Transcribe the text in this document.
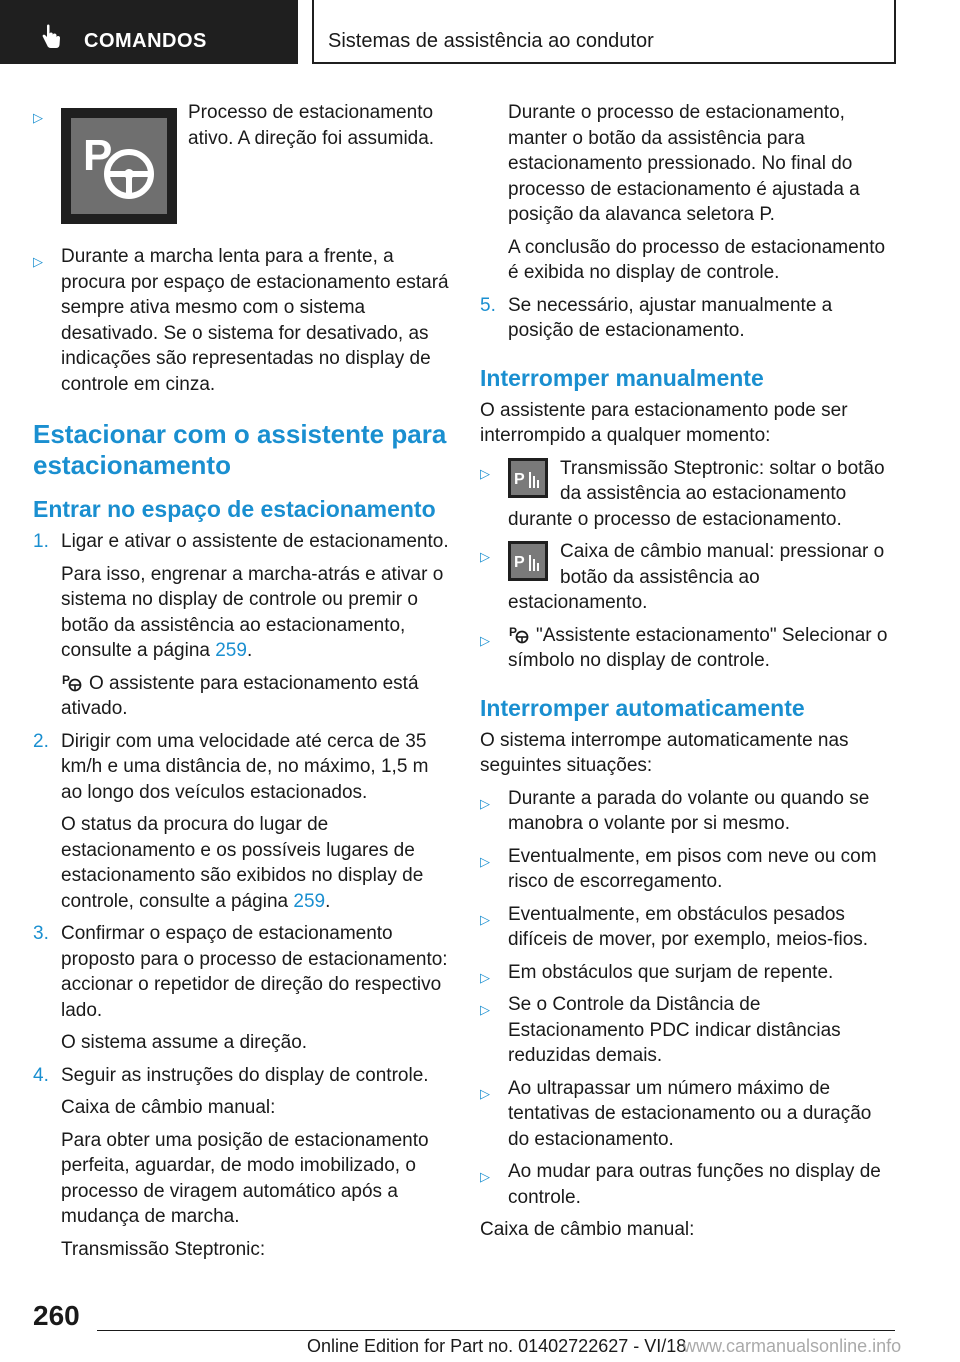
COMANDOS	Sistemas de assistência ao condutor
▷
P
Processo de estacionamento ativo. A direção foi assumida.
▷ Durante a marcha lenta para a frente, a procura por espaço de estacionamento estará sempre ativa mesmo com o sistema desativado. Se o sistema for desativado, as indicações são representadas no display de controle em cinza.
Estacionar com o assistente para estacionamento
Entrar no espaço de estacionamento
1. Ligar e ativar o assistente de estacionamento.
Para isso, engrenar a marcha-atrás e ativar o sistema no display de controle ou premir o botão da assistência ao estacionamento, consulte a página 259.
P O assistente para estacionamento está ativado.
2. Dirigir com uma velocidade até cerca de 35 km/h e uma distância de, no máximo, 1,5 m ao longo dos veículos estacionados.
O status da procura do lugar de estacionamento e os possíveis lugares de estacionamento são exibidos no display de controle, consulte a página 259.
3. Confirmar o espaço de estacionamento proposto para o processo de estacionamento: accionar o repetidor de direção do respectivo lado.
O sistema assume a direção.
4. Seguir as instruções do display de controle.
Caixa de câmbio manual:
Para obter uma posição de estacionamento perfeita, aguardar, de modo imobilizado, o processo de viragem automático após a mudança de marcha.
Transmissão Steptronic:
Durante o processo de estacionamento, manter o botão da assistência para estacionamento pressionado. No final do processo de estacionamento é ajustada a posição da alavanca seletora P.
A conclusão do processo de estacionamento é exibida no display de controle.
5. Se necessário, ajustar manualmente a posição de estacionamento.
Interromper manualmente
O assistente para estacionamento pode ser interrompido a qualquer momento:
▷ P
Transmissão Steptronic: soltar o botão da assistência ao estacionamento durante o processo de estacionamento.
▷ P
Caixa de câmbio manual: pressionar o botão da assistência ao estacionamento.
▷
P "Assistente estacionamento" Selecionar o símbolo no display de controle.
Interromper automaticamente
O sistema interrompe automaticamente nas seguintes situações:
▷ Durante a parada do volante ou quando se manobra o volante por si mesmo.
▷ Eventualmente, em pisos com neve ou com risco de escorregamento.
▷ Eventualmente, em obstáculos pesados difíceis de mover, por exemplo, meios-fios.
▷ Em obstáculos que surjam de repente.
▷ Se o Controle da Distância de Estacionamento PDC indicar distâncias reduzidas demais.
▷ Ao ultrapassar um número máximo de tentativas de estacionamento ou a duração do estacionamento.
▷ Ao mudar para outras funções no display de controle.
Caixa de câmbio manual:
260
Online Edition for Part no. 01402722627 - VI/18
www.carmanualsonline.info
